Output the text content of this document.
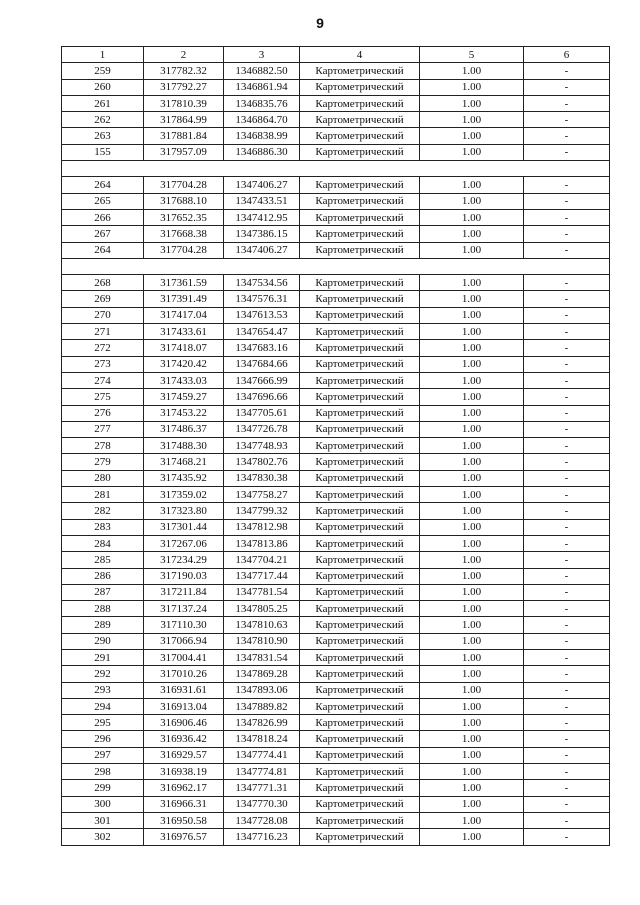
9
1	2	3	4	5	6
259	317782.32	1346882.50	Картометрический	1.00	-
260	317792.27	1346861.94	Картометрический	1.00	-
261	317810.39	1346835.76	Картометрический	1.00	-
262	317864.99	1346864.70	Картометрический	1.00	-
263	317881.84	1346838.99	Картометрический	1.00	-
155	317957.09	1346886.30	Картометрический	1.00	-

264	317704.28	1347406.27	Картометрический	1.00	-
265	317688.10	1347433.51	Картометрический	1.00	-
266	317652.35	1347412.95	Картометрический	1.00	-
267	317668.38	1347386.15	Картометрический	1.00	-
264	317704.28	1347406.27	Картометрический	1.00	-

268	317361.59	1347534.56	Картометрический	1.00	-
269	317391.49	1347576.31	Картометрический	1.00	-
270	317417.04	1347613.53	Картометрический	1.00	-
271	317433.61	1347654.47	Картометрический	1.00	-
272	317418.07	1347683.16	Картометрический	1.00	-
273	317420.42	1347684.66	Картометрический	1.00	-
274	317433.03	1347666.99	Картометрический	1.00	-
275	317459.27	1347696.66	Картометрический	1.00	-
276	317453.22	1347705.61	Картометрический	1.00	-
277	317486.37	1347726.78	Картометрический	1.00	-
278	317488.30	1347748.93	Картометрический	1.00	-
279	317468.21	1347802.76	Картометрический	1.00	-
280	317435.92	1347830.38	Картометрический	1.00	-
281	317359.02	1347758.27	Картометрический	1.00	-
282	317323.80	1347799.32	Картометрический	1.00	-
283	317301.44	1347812.98	Картометрический	1.00	-
284	317267.06	1347813.86	Картометрический	1.00	-
285	317234.29	1347704.21	Картометрический	1.00	-
286	317190.03	1347717.44	Картометрический	1.00	-
287	317211.84	1347781.54	Картометрический	1.00	-
288	317137.24	1347805.25	Картометрический	1.00	-
289	317110.30	1347810.63	Картометрический	1.00	-
290	317066.94	1347810.90	Картометрический	1.00	-
291	317004.41	1347831.54	Картометрический	1.00	-
292	317010.26	1347869.28	Картометрический	1.00	-
293	316931.61	1347893.06	Картометрический	1.00	-
294	316913.04	1347889.82	Картометрический	1.00	-
295	316906.46	1347826.99	Картометрический	1.00	-
296	316936.42	1347818.24	Картометрический	1.00	-
297	316929.57	1347774.41	Картометрический	1.00	-
298	316938.19	1347774.81	Картометрический	1.00	-
299	316962.17	1347771.31	Картометрический	1.00	-
300	316966.31	1347770.30	Картометрический	1.00	-
301	316950.58	1347728.08	Картометрический	1.00	-
302	316976.57	1347716.23	Картометрический	1.00	-
